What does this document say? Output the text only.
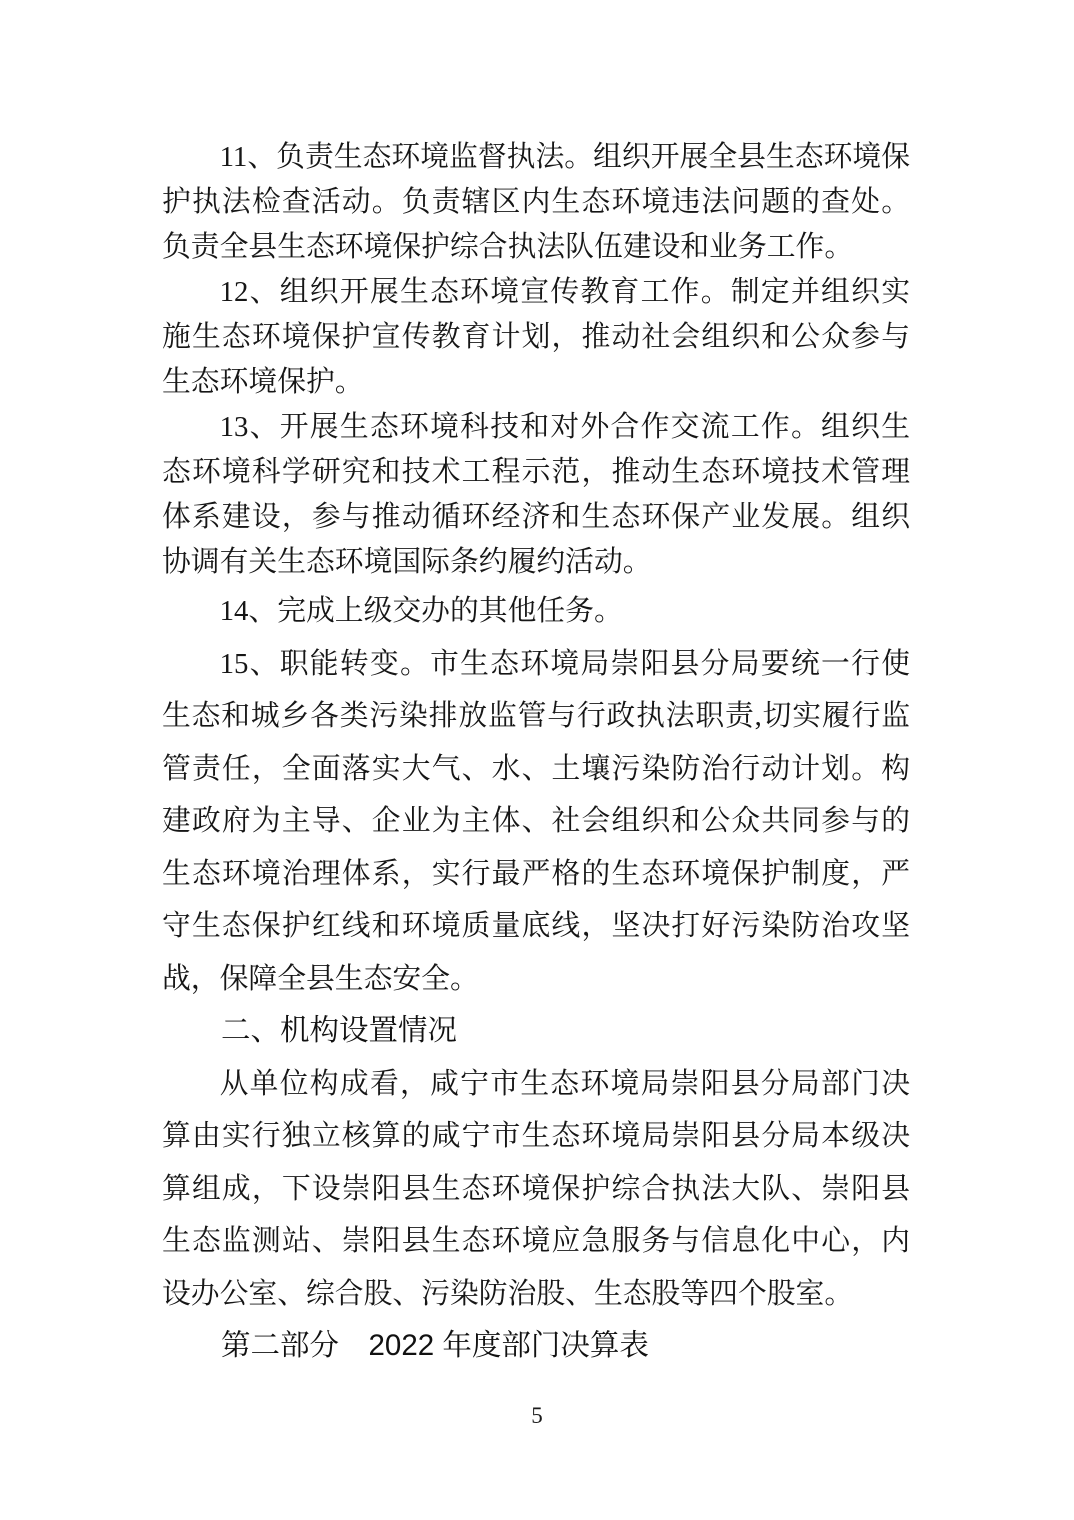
11、负责生态环境监督执法。组织开展全县生态环境保护执法检查活动。负责辖区内生态环境违法问题的查处。负责全县生态环境保护综合执法队伍建设和业务工作。

12、组织开展生态环境宣传教育工作。制定并组织实施生态环境保护宣传教育计划，推动社会组织和公众参与生态环境保护。

13、开展生态环境科技和对外合作交流工作。组织生态环境科学研究和技术工程示范，推动生态环境技术管理体系建设，参与推动循环经济和生态环保产业发展。组织协调有关生态环境国际条约履约活动。

14、完成上级交办的其他任务。

15、职能转变。市生态环境局崇阳县分局要统一行使生态和城乡各类污染排放监管与行政执法职责,切实履行监管责任，全面落实大气、水、土壤污染防治行动计划。构建政府为主导、企业为主体、社会组织和公众共同参与的生态环境治理体系，实行最严格的生态环境保护制度，严守生态保护红线和环境质量底线，坚决打好污染防治攻坚战，保障全县生态安全。

二、机构设置情况

从单位构成看，咸宁市生态环境局崇阳县分局部门决算由实行独立核算的咸宁市生态环境局崇阳县分局本级决算组成，下设崇阳县生态环境保护综合执法大队、崇阳县生态监测站、崇阳县生态环境应急服务与信息化中心，内设办公室、综合股、污染防治股、生态股等四个股室。

第二部分　2022 年度部门决算表
5
